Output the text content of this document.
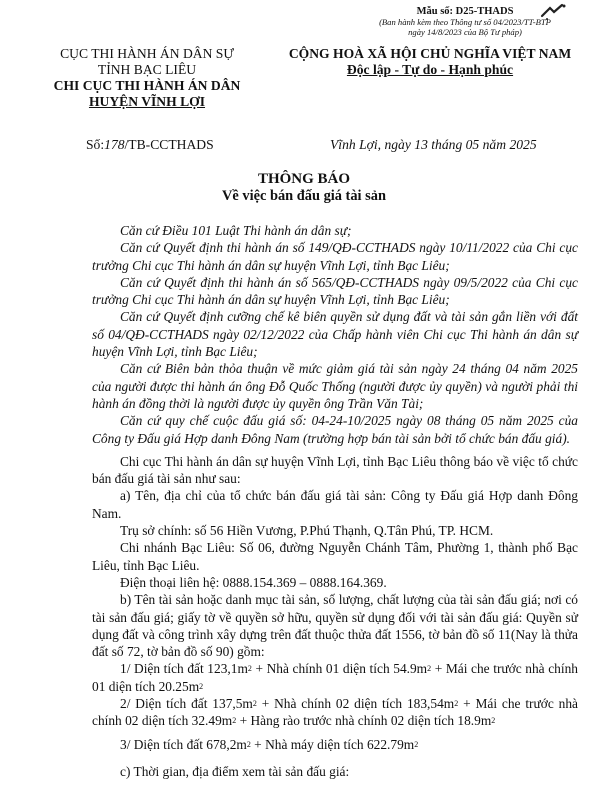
Mẫu số: D25-THADS
(Ban hành kèm theo Thông tư số 04/2023/TT-BTP
ngày 14/8/2023 của Bộ Tư pháp)
CỤC THI HÀNH ÁN DÂN SỰ
TỈNH BẠC LIÊU
CHI CỤC THI HÀNH ÁN DÂN
HUYỆN VĨNH LỢI
CỘNG HOÀ XÃ HỘI CHỦ NGHĨA VIỆT NAM
Độc lập - Tự do - Hạnh phúc
Số:178/TB-CCTHADS	Vĩnh Lợi, ngày 13 tháng 05 năm 2025
THÔNG BÁO
Về việc bán đấu giá tài sản

Căn cứ Điều 101 Luật Thi hành án dân sự;

Căn cứ Quyết định thi hành án số 149/QĐ-CCTHADS ngày 10/11/2022 của Chi cục trưởng Chi cục Thi hành án dân sự huyện Vĩnh Lợi, tỉnh Bạc Liêu;

Căn cứ Quyết định thi hành án số 565/QĐ-CCTHADS ngày 09/5/2022 của Chi cục trưởng Chi cục Thi hành án dân sự huyện Vĩnh Lợi, tỉnh Bạc Liêu;

Căn cứ Quyết định cưỡng chế kê biên quyền sử dụng đất và tài sản gắn liền với đất số 04/QĐ-CCTHADS ngày 02/12/2022 của Chấp hành viên Chi cục Thi hành án dân sự huyện Vĩnh Lợi, tỉnh Bạc Liêu;

Căn cứ Biên bản thỏa thuận về mức giảm giá tài sản ngày 24 tháng 04 năm 2025 của người được thi hành án ông Đỗ Quốc Thống (người được ủy quyền) và người phải thi hành án đồng thời là người được ủy quyền ông Trần Văn Tài;

Căn cứ quy chế cuộc đấu giá số: 04-24-10/2025 ngày 08 tháng 05 năm 2025 của Công ty Đấu giá Hợp danh Đông Nam (trường hợp bán tài sản bởi tổ chức bán đấu giá).

Chi cục Thi hành án dân sự huyện Vĩnh Lợi, tỉnh Bạc Liêu thông báo về việc tổ chức bán đấu giá tài sản như sau:

a) Tên, địa chỉ của tổ chức bán đấu giá tài sản: Công ty Đấu giá Hợp danh Đông Nam.

Trụ sở chính: số 56 Hiền Vương, P.Phú Thạnh, Q.Tân Phú, TP. HCM.

Chi nhánh Bạc Liêu: Số 06, đường Nguyễn Chánh Tâm, Phường 1, thành phố Bạc Liêu, tỉnh Bạc Liêu.

Điện thoại liên hệ: 0888.154.369 – 0888.164.369.

b) Tên tài sản hoặc danh mục tài sản, số lượng, chất lượng của tài sản đấu giá; nơi có tài sản đấu giá; giấy tờ về quyền sở hữu, quyền sử dụng đối với tài sản đấu giá: Quyền sử dụng đất và công trình xây dựng trên đất thuộc thửa đất 1556, tờ bản đồ số 11(Nay là thửa đất số 72, tờ bản đồ số 90) gồm:

1/ Diện tích đất $123,1m^2$ + Nhà chính 01 diện tích $54.9m^2$ + Mái che trước nhà chính 01 diện tích $20.25m^2$

2/ Diện tích đất $137,5m^2$ + Nhà chính 02 diện tích $183,54m^2$ + Mái che trước nhà chính 02 diện tích $32.49m^2$ + Hàng rào trước nhà chính 02 diện tích $18.9m^2$

3/ Diện tích đất $678,2m^2$ + Nhà máy diện tích $622.79m^2$

c) Thời gian, địa điểm xem tài sản đấu giá:
